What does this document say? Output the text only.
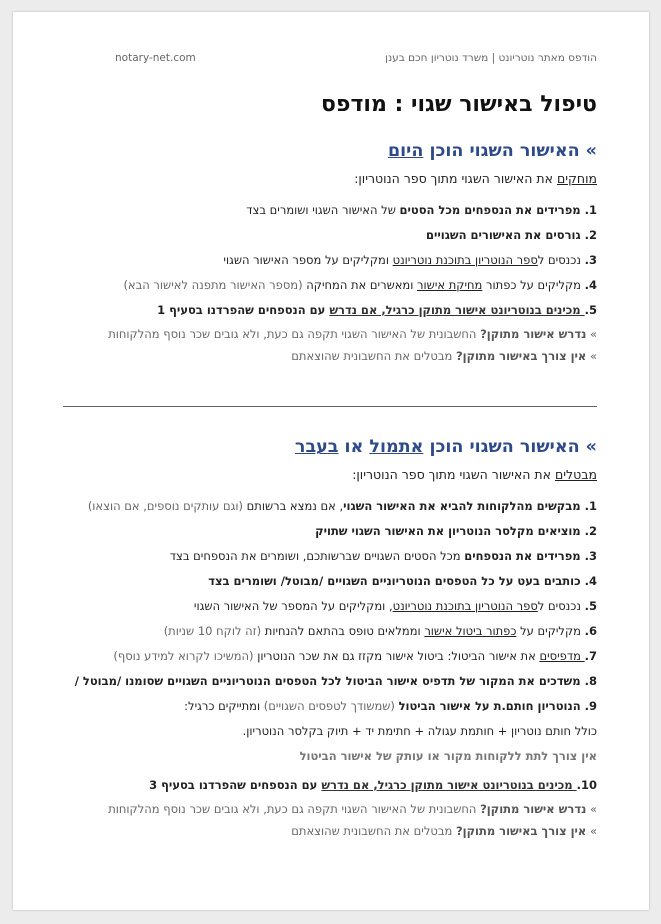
הודפס מאתר נוטריונט | משרד נוטריון חכם בענן
notary-net.com
טיפול באישור שגוי : מודפס
» האישור השגוי הוכן היום
מוחקים את האישור השגוי מתוך ספר הנוטריון:
1. מפרידים את הנספחים מכל הסטים של האישור השגוי ושומרים בצד
2. גורסים את האישורים השגויים
3. נכנסים לספר הנוטריון בתוכנת נוטריונט ומקליקים על מספר האישור השגוי
4. מקליקים על כפתור מחיקת אישור ומאשרים את המחיקה (מספר האישור מתפנה לאישור הבא)
5. מכינים בנוטריונט אישור מתוקן כרגיל, אם נדרש עם הנספחים שהפרדנו בסעיף 1
» נדרש אישור מתוקן? החשבונית של האישור השגוי תקפה גם כעת, ולא גובים שכר נוסף מהלקוחות
» אין צורך באישור מתוקן? מבטלים את החשבונית שהוצאתם
» האישור השגוי הוכן אתמול או בעבר
מבטלים את האישור השגוי מתוך ספר הנוטריון:
1. מבקשים מהלקוחות להביא את האישור השגוי, אם נמצא ברשותם (וגם עותקים נוספים, אם הוצאו)
2. מוציאים מקלסר הנוטריון את האישור השגוי שתויק
3. מפרידים את הנספחים מכל הסטים השגויים שברשותכם, ושומרים את הנספחים בצד
4. כותבים בעט על כל הטפסים הנוטריוניים השגויים /מבוטל/ ושומרים בצד
5. נכנסים לספר הנוטריון בתוכנת נוטריונט, ומקליקים על המספר של האישור השגוי
6. מקליקים על כפתור ביטול אישור וממלאים טופס בהתאם להנחיות (זה לוקח 10 שניות)
7. מדפיסים את אישור הביטול: ביטול אישור מקזז גם את שכר הנוטריון (המשיכו לקרוא למידע נוסף)
8. משדכים את המקור של תדפיס אישור הביטול לכל הטפסים הנוטריוניים השגויים שסומנו /מבוטל /
9. הנוטריון חותם.ת על אישור הביטול (שמשודך לטפסים השגויים) ומתייקים כרגיל:
כולל חותם נוטריון + חותמת עגולה + חתימת יד + תיוק בקלסר הנוטריון.
אין צורך לתת ללקוחות מקור או עותק של אישור הביטול
10. מכינים בנוטריונט אישור מתוקן כרגיל, אם נדרש עם הנספחים שהפרדנו בסעיף 3
» נדרש אישור מתוקן? החשבונית של האישור השגוי תקפה גם כעת, ולא גובים שכר נוסף מהלקוחות
» אין צורך באישור מתוקן? מבטלים את החשבונית שהוצאתם
